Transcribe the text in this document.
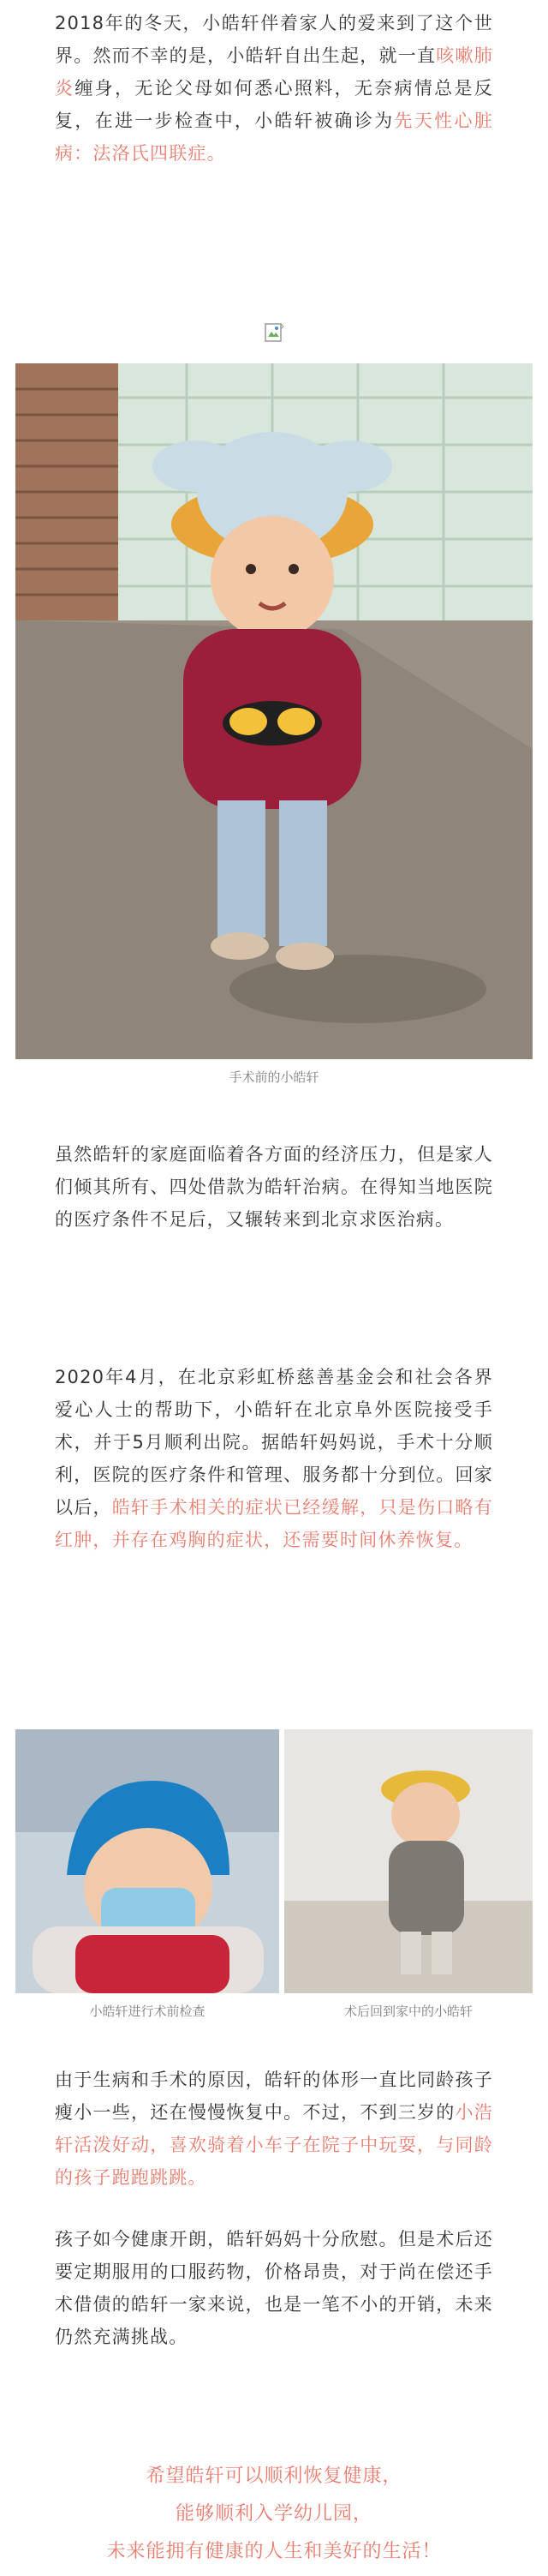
2018年的冬天，小皓轩伴着家人的爱来到了这个世界。然而不幸的是，小皓轩自出生起，就一直咳嗽肺炎缠身，无论父母如何悉心照料，无奈病情总是反复，在进一步检查中，小皓轩被确诊为先天性心脏病：法洛氏四联症。

手术前的小皓轩

虽然皓轩的家庭面临着各方面的经济压力，但是家人们倾其所有、四处借款为皓轩治病。在得知当地医院的医疗条件不足后，又辗转来到北京求医治病。

2020年4月，在北京彩虹桥慈善基金会和社会各界爱心人士的帮助下，小皓轩在北京阜外医院接受手术，并于5月顺利出院。据皓轩妈妈说，手术十分顺利，医院的医疗条件和管理、服务都十分到位。回家以后，皓轩手术相关的症状已经缓解，只是伤口略有红肿，并存在鸡胸的症状，还需要时间休养恢复。

小皓轩进行术前检查	术后回到家中的小皓轩

由于生病和手术的原因，皓轩的体形一直比同龄孩子瘦小一些，还在慢慢恢复中。不过，不到三岁的小浩轩活泼好动，喜欢骑着小车子在院子中玩耍，与同龄的孩子跑跑跳跳。

孩子如今健康开朗，皓轩妈妈十分欣慰。但是术后还要定期服用的口服药物，价格昂贵，对于尚在偿还手术借债的皓轩一家来说，也是一笔不小的开销，未来仍然充满挑战。

希望皓轩可以顺利恢复健康，
能够顺利入学幼儿园，
未来能拥有健康的人生和美好的生活！
